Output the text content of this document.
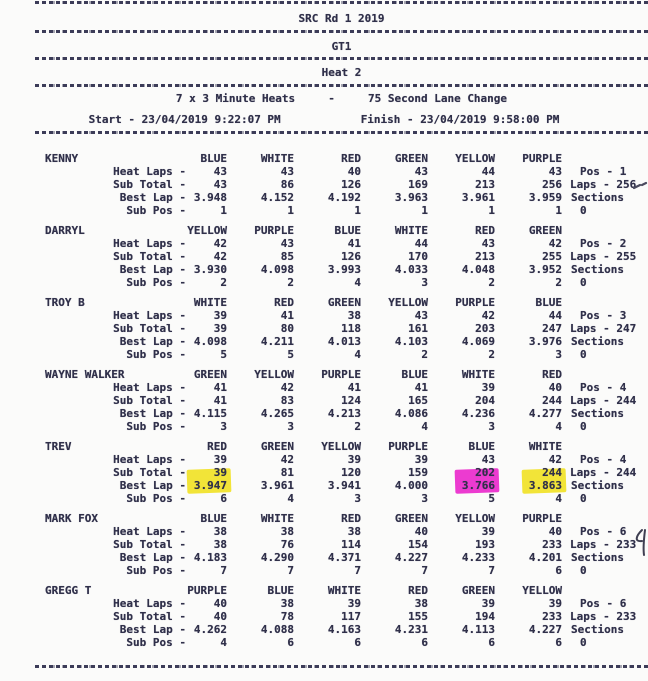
SRC Rd 1 2019
GT1
Heat 2
7 x 3 Minute Heats     -     75 Second Lane Change
Start - 23/04/2019 9:22:07 PM	Finish - 23/04/2019 9:58:00 PM
KENNY	BLUE	WHITE	RED	GREEN	YELLOW	PURPLE
Heat Laps -	43	43	40	43	44	43	Pos - 1
Sub Total -	43	86	126	169	213	256 Laps - 256
Best Lap - 3.948	4.152	4.192	3.963	3.961	3.959 Sections
Sub Pos -	1	1	1	1	1	1	0
DARRYL	YELLOW	PURPLE	BLUE	WHITE	RED	GREEN
Heat Laps -	42	43	41	44	43	42	Pos - 2
Sub Total -	42	85	126	170	213	255 Laps - 255
Best Lap - 3.930	4.098	3.993	4.033	4.048	3.952 Sections
Sub Pos -	2	2	4	3	2	2	0
TROY B	WHITE	RED	GREEN	YELLOW	PURPLE	BLUE
Heat Laps -	39	41	38	43	42	44	Pos - 3
Sub Total -	39	80	118	161	203	247 Laps - 247
Best Lap - 4.098	4.211	4.013	4.103	4.069	3.976 Sections
Sub Pos -	5	5	4	2	2	3	0
WAYNE WALKER	GREEN	YELLOW	PURPLE	BLUE	WHITE	RED
Heat Laps -	41	42	41	41	39	40	Pos - 4
Sub Total -	41	83	124	165	204	244 Laps - 244
Best Lap - 4.115	4.265	4.213	4.086	4.236	4.277 Sections
Sub Pos -	3	3	2	4	3	4	0
TREV	RED	GREEN	YELLOW	PURPLE	BLUE	WHITE
Heat Laps -	39	42	39	39	43	42	Pos - 4
Sub Total -	39	81	120	159	202	244 Laps - 244
Best Lap - 3.947	3.961	3.941	4.000	3.766	3.863 Sections
Sub Pos -	6	4	3	3	5	4	0
MARK FOX	BLUE	WHITE	RED	GREEN	YELLOW	PURPLE
Heat Laps -	38	38	38	40	39	40	Pos - 6
Sub Total -	38	76	114	154	193	233 Laps - 233
Best Lap - 4.183	4.290	4.371	4.227	4.233	4.201 Sections
Sub Pos -	7	7	7	7	7	6	0
GREGG T	PURPLE	BLUE	WHITE	RED	GREEN	YELLOW
Heat Laps -	40	38	39	38	39	39	Pos - 6
Sub Total -	40	78	117	155	194	233 Laps - 233
Best Lap - 4.262	4.088	4.163	4.231	4.113	4.227 Sections
Sub Pos -	4	6	6	6	6	6	0
